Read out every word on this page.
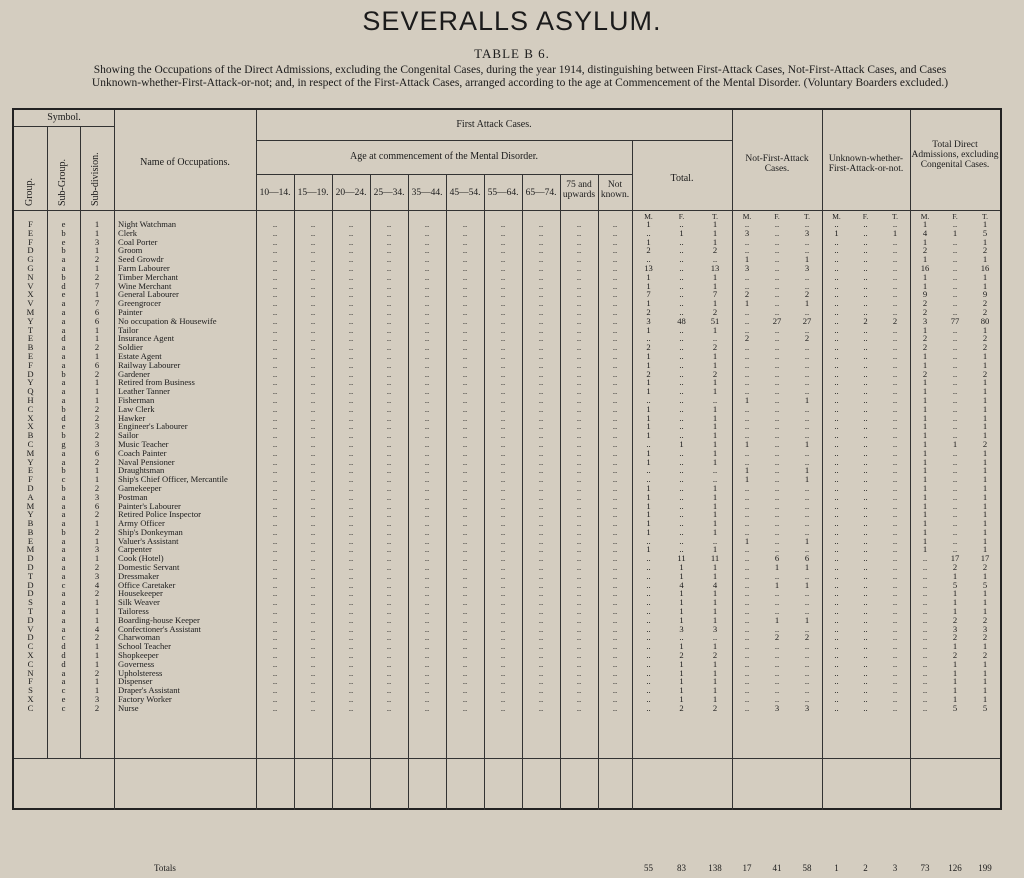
SEVERALLS ASYLUM.
TABLE B 6.
Showing the Occupations of the Direct Admissions, excluding the Congenital Cases, during the year 1914, distinguishing between First-Attack Cases, Not-First-Attack Cases, and Cases Unknown-whether-First-Attack-or-not; and, in respect of the First-Attack Cases, arranged according to the age at Commencement of the Mental Disorder. (Voluntary Boarders excluded.)
Symbol.
Group. Sub-Group. Sub-division.	Name of Occupations.
First Attack Cases.
Age at commencement of the Mental Disorder.
10—14. 15—19. 20—24. 25—34. 35—44. 45—54. 55—64. 65—74.
75 and upwards
Not known.
Total.
Not-First-Attack Cases.
Unknown-whether-First-Attack-or-not.
Total Direct Admissions, excluding Congenital Cases.
F	e	1	Night Watchman	..	..	..	..	..	..	..	..	..	..	1	..	1	..	..	..	..	..	..	1	..	1
E	b	1	Clerk	..	..	..	..	..	..	..	..	..	..	..	1	1	3	..	3	1	..	1	4	1	5
F	e	3	Coal Porter	..	..	..	..	..	..	..	..	..	..	1	..	1	..	..	..	..	..	..	1	..	1
D	b	1	Groom	..	..	..	..	..	..	..	..	..	..	2	..	2	..	..	..	..	..	..	2	..	2
G	a	2	Seed Growdr	..	..	..	..	..	..	..	..	..	..	..	..	..	1	..	1	..	..	..	1	..	1
G	a	1	Farm Labourer	..	..	..	..	..	..	..	..	..	..	13	..	13	3	..	3	..	..	..	16	..	16
N	b	2	Timber Merchant	..	..	..	..	..	..	..	..	..	..	1	..	1	..	..	..	..	..	..	1	..	1
V	d	7	Wine Merchant	..	..	..	..	..	..	..	..	..	..	1	..	1	..	..	..	..	..	..	1	..	1
X	e	1	General Labourer	..	..	..	..	..	..	..	..	..	..	7	..	7	2	..	2	..	..	..	9	..	9
V	a	7	Greengrocer	..	..	..	..	..	..	..	..	..	..	1	..	1	1	..	1	..	..	..	2	..	2
M	a	6	Painter	..	..	..	..	..	..	..	..	..	..	2	..	2	..	..	..	..	..	..	2	..	2
Y	a	6	No occupation & Housewife	..	..	..	..	..	..	..	..	..	..	3	48	51	..	27	27	..	2	2	3	77	80
T	a	1	Tailor	..	..	..	..	..	..	..	..	..	..	1	..	1	..	..	..	..	..	..	1	..	1
E	d	1	Insurance Agent	..	..	..	..	..	..	..	..	..	..	..	..	..	2	..	2	..	..	..	2	..	2
B	a	2	Soldier	..	..	..	..	..	..	..	..	..	..	2	..	2	..	..	..	..	..	..	2	..	2
E	a	1	Estate Agent	..	..	..	..	..	..	..	..	..	..	1	..	1	..	..	..	..	..	..	1	..	1
F	a	6	Railway Labourer	..	..	..	..	..	..	..	..	..	..	1	..	1	..	..	..	..	..	..	1	..	1
D	b	2	Gardener	..	..	..	..	..	..	..	..	..	..	2	..	2	..	..	..	..	..	..	2	..	2
Y	a	1	Retired from Business	..	..	..	..	..	..	..	..	..	..	1	..	1	..	..	..	..	..	..	1	..	1
Q	a	1	Leather Tanner	..	..	..	..	..	..	..	..	..	..	1	..	1	..	..	..	..	..	..	1	..	1
H	a	1	Fisherman	..	..	..	..	..	..	..	..	..	..	..	..	..	1	..	1	..	..	..	1	..	1
C	b	2	Law Clerk	..	..	..	..	..	..	..	..	..	..	1	..	1	..	..	..	..	..	..	1	..	1
X	d	2	Hawker	..	..	..	..	..	..	..	..	..	..	1	..	1	..	..	..	..	..	..	1	..	1
X	e	3	Engineer's Labourer	..	..	..	..	..	..	..	..	..	..	1	..	1	..	..	..	..	..	..	1	..	1
B	b	2	Sailor	..	..	..	..	..	..	..	..	..	..	1	..	1	..	..	..	..	..	..	1	..	1
C	g	3	Music Teacher	..	..	..	..	..	..	..	..	..	..	..	1	1	1	..	1	..	..	..	1	1	2
M	a	6	Coach Painter	..	..	..	..	..	..	..	..	..	..	1	..	1	..	..	..	..	..	..	1	..	1
Y	a	2	Naval Pensioner	..	..	..	..	..	..	..	..	..	..	1	..	1	..	..	..	..	..	..	1	..	1
E	b	1	Draughtsman	..	..	..	..	..	..	..	..	..	..	..	..	..	1	..	1	..	..	..	1	..	1
F	c	1	Ship's Chief Officer, Mercantile	..	..	..	..	..	..	..	..	..	..	..	..	..	1	..	1	..	..	..	1	..	1
D	b	2	Gamekeeper	..	..	..	..	..	..	..	..	..	..	1	..	1	..	..	..	..	..	..	1	..	1
A	a	3	Postman	..	..	..	..	..	..	..	..	..	..	1	..	1	..	..	..	..	..	..	1	..	1
M	a	6	Painter's Labourer	..	..	..	..	..	..	..	..	..	..	1	..	1	..	..	..	..	..	..	1	..	1
Y	a	2	Retired Police Inspector	..	..	..	..	..	..	..	..	..	..	1	..	1	..	..	..	..	..	..	1	..	1
B	a	1	Army Officer	..	..	..	..	..	..	..	..	..	..	1	..	1	..	..	..	..	..	..	1	..	1
B	b	2	Ship's Donkeyman	..	..	..	..	..	..	..	..	..	..	1	..	1	..	..	..	..	..	..	1	..	1
E	a	1	Valuer's Assistant	..	..	..	..	..	..	..	..	..	..	..	..	..	1	..	1	..	..	..	1	..	1
M	a	3	Carpenter	..	..	..	..	..	..	..	..	..	..	1	..	1	..	..	..	..	..	..	1	..	1
D	a	1	Cook (Hotel)	..	..	..	..	..	..	..	..	..	..	..	11	11	..	6	6	..	..	..	..	17	17
D	a	2	Domestic Servant	..	..	..	..	..	..	..	..	..	..	..	1	1	..	1	1	..	..	..	..	2	2
T	a	3	Dressmaker	..	..	..	..	..	..	..	..	..	..	..	1	1	..	..	..	..	..	..	..	1	1
D	c	4	Office Caretaker	..	..	..	..	..	..	..	..	..	..	..	4	4	..	1	1	..	..	..	..	5	5
D	a	2	Housekeeper	..	..	..	..	..	..	..	..	..	..	..	1	1	..	..	..	..	..	..	..	1	1
S	a	1	Silk Weaver	..	..	..	..	..	..	..	..	..	..	..	1	1	..	..	..	..	..	..	..	1	1
T	a	1	Tailoress	..	..	..	..	..	..	..	..	..	..	..	1	1	..	..	..	..	..	..	..	1	1
D	a	1	Boarding-house Keeper	..	..	..	..	..	..	..	..	..	..	..	1	1	..	1	1	..	..	..	..	2	2
V	a	4	Confectioner's Assistant	..	..	..	..	..	..	..	..	..	..	..	3	3	..	..	..	..	..	..	..	3	3
D	c	2	Charwoman	..	..	..	..	..	..	..	..	..	..	..	..	..	..	2	2	..	..	..	..	2	2
C	d	1	School Teacher	..	..	..	..	..	..	..	..	..	..	..	1	1	..	..	..	..	..	..	..	1	1
X	d	1	Shopkeeper	..	..	..	..	..	..	..	..	..	..	..	2	2	..	..	..	..	..	..	..	2	2
C	d	1	Governess	..	..	..	..	..	..	..	..	..	..	..	1	1	..	..	..	..	..	..	..	1	1
N	a	2	Upholsteress	..	..	..	..	..	..	..	..	..	..	..	1	1	..	..	..	..	..	..	..	1	1
F	a	1	Dispenser	..	..	..	..	..	..	..	..	..	..	..	1	1	..	..	..	..	..	..	..	1	1
S	c	1	Draper's Assistant	..	..	..	..	..	..	..	..	..	..	..	1	1	..	..	..	..	..	..	..	1	1
X	e	3	Factory Worker	..	..	..	..	..	..	..	..	..	..	..	1	1	..	..	..	..	..	..	..	1	1
C	c	2	Nurse	..	..	..	..	..	..	..	..	..	..	..	2	2	..	3	3	..	..	..	..	5	5
Totals	55	83	138	17	41	58	1	2	3	73	126	199
M.	F.	T.	M.	F.	T.	M.	F.	T.	M.	F.	T.
